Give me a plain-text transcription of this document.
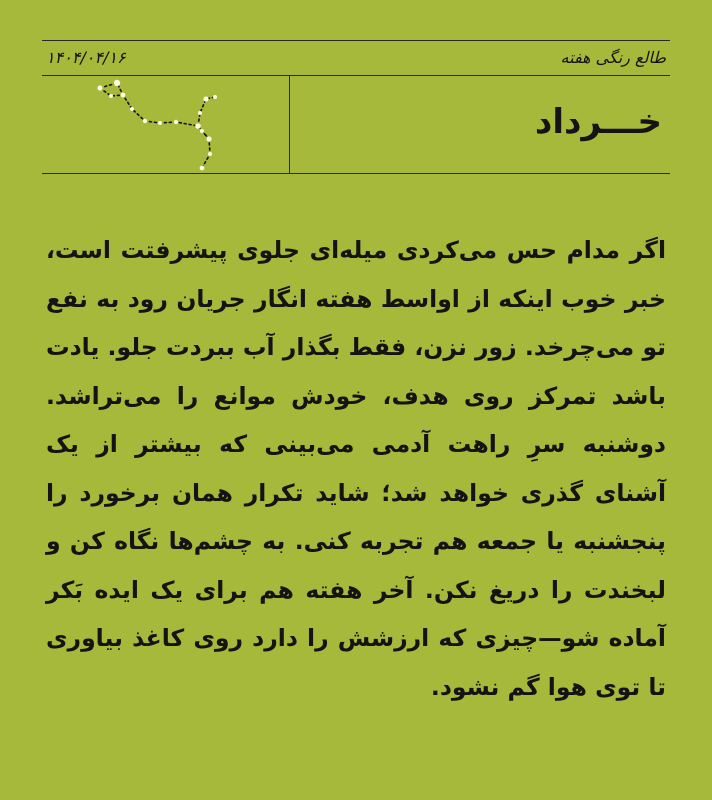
۱۴۰۴/۰۴/۱۶	طالع رنگی هفته
خـــرداد

اگر مدام حس می‌کردی میله‌ای جلوی پیشرفتت است، خبر خوب اینکه از اواسط هفته انگار جریان رود به نفع تو می‌چرخد. زور نزن، فقط بگذار آب ببردت جلو. یادت باشد تمرکز روی هدف، خودش موانع را می‌تراشد. دوشنبه سرِ راهت آدمی می‌بینی که بیشتر از یک آشنای گذری خواهد شد؛ شاید تکرار همان برخورد را پنجشنبه یا جمعه هم تجربه کنی. به چشم‌ها نگاه کن و لبخندت را دریغ نکن. آخر هفته هم برای یک ایده بَکر آماده شو—چیزی که ارزشش را دارد روی کاغذ بیاوری تا توی هوا گم نشود.
